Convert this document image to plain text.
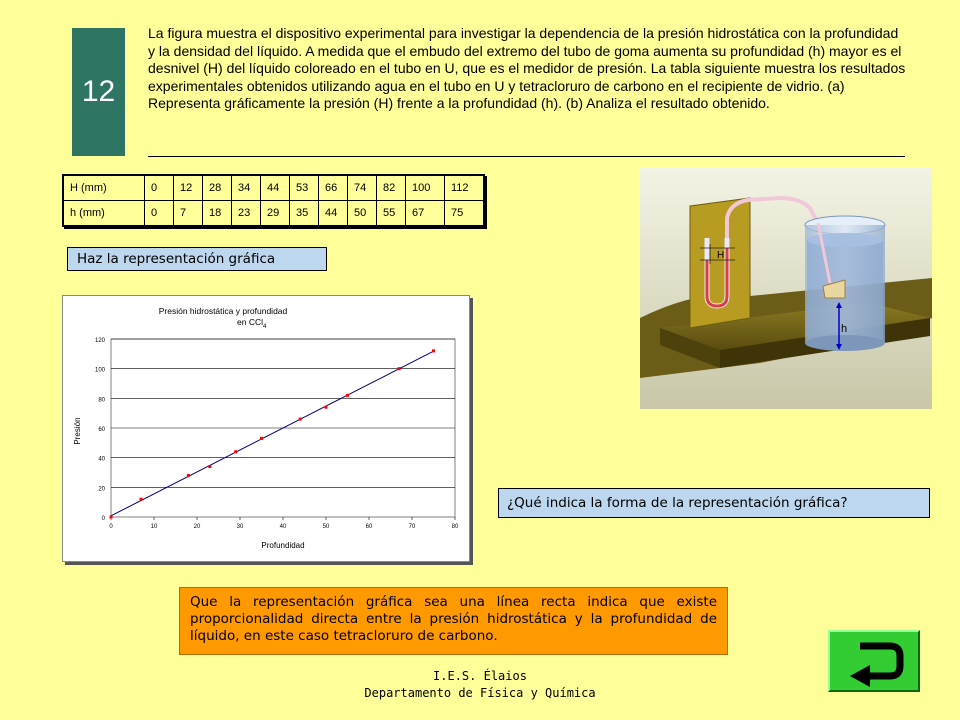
12
La figura muestra el dispositivo experimental para investigar la dependencia de la presión hidrostática con la profundidad y la densidad del líquido. A medida que el embudo del extremo del tubo de goma aumenta su profundidad (h) mayor es el desnivel (H) del líquido coloreado en el tubo en U, que es el medidor de presión. La tabla siguiente muestra los resultados experimentales obtenidos utilizando agua en el tubo en U y tetracloruro de carbono en el recipiente de vidrio. (a) Representa gráficamente la presión (H) frente a la profundidad (h). (b) Analiza el resultado obtenido.
H (mm)	0	12	28	34	44	53	66	74	82	100	112
h (mm)	0	7	18	23	29	35	44	50	55	67	75
Haz la representación gráfica
0
20
40
60
80
100
120
0	10	20	30	40	50	60	70	80
Presión hidrostática y profundidad
en CCl 4
Profundidad
Presión
H
h
¿Qué indica la forma de la representación gráfica?
Que la representación gráfica sea una línea recta indica que existe proporcionalidad directa entre la presión hidrostática y la profundidad de líquido, en este caso tetracloruro de carbono.
I.E.S. Élaios
Departamento de Física y Química
